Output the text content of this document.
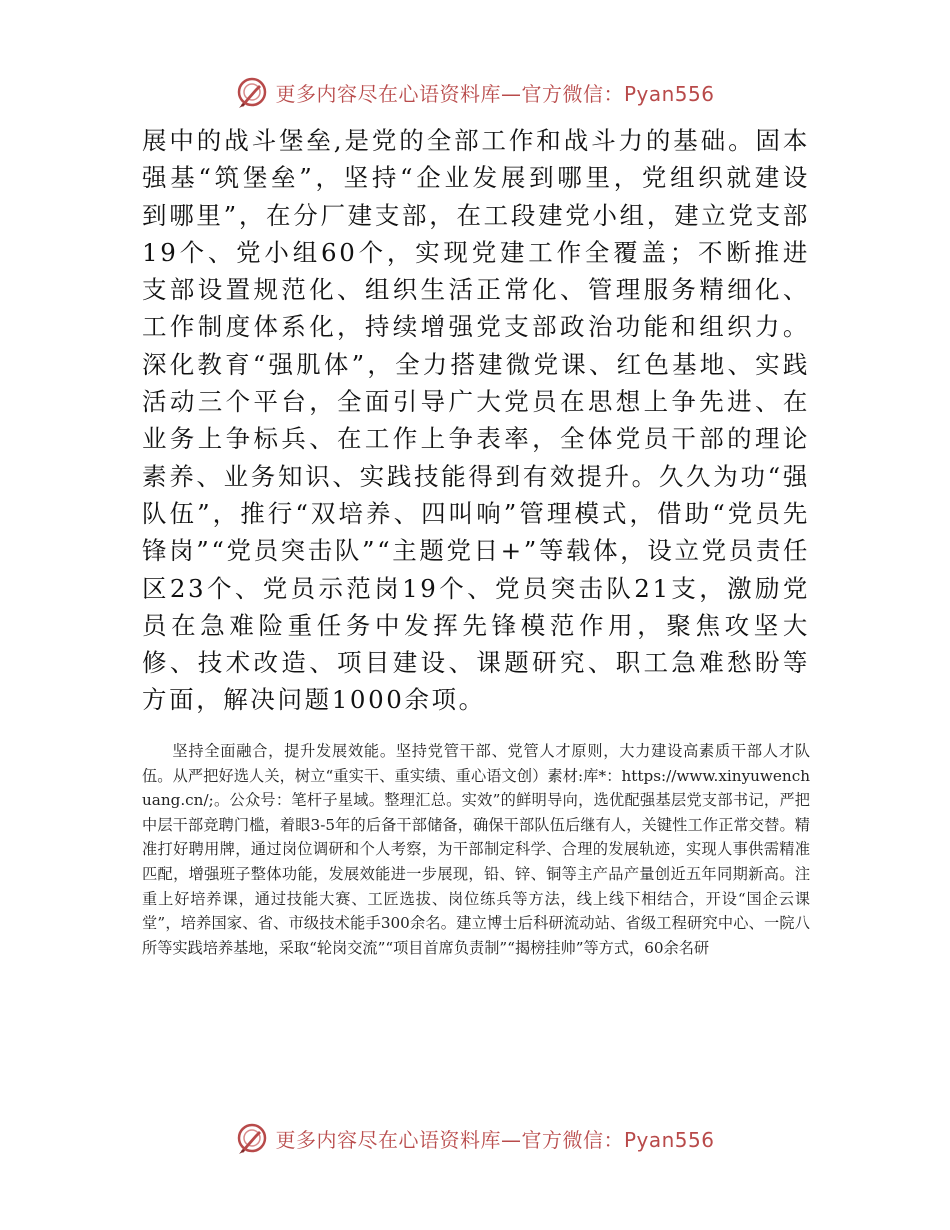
更多内容尽在心语资料库—官方微信：Pyan556

展中的战斗堡垒,是党的全部工作和战斗力的基础。固本强基“筑堡垒”，坚持“企业发展到哪里，党组织就建设到哪里”，在分厂建支部，在工段建党小组，建立党支部19个、党小组60个，实现党建工作全覆盖；不断推进支部设置规范化、组织生活正常化、管理服务精细化、工作制度体系化，持续增强党支部政治功能和组织力。深化教育“强肌体”，全力搭建微党课、红色基地、实践活动三个平台，全面引导广大党员在思想上争先进、在业务上争标兵、在工作上争表率，全体党员干部的理论素养、业务知识、实践技能得到有效提升。久久为功“强队伍”，推行“双培养、四叫响”管理模式，借助“党员先锋岗”“党员突击队”“主题党日+”等载体，设立党员责任区23个、党员示范岗19个、党员突击队21支，激励党员在急难险重任务中发挥先锋模范作用，聚焦攻坚大修、技术改造、项目建设、课题研究、职工急难愁盼等方面，解决问题1000余项。

坚持全面融合，提升发展效能。坚持党管干部、党管人才原则，大力建设高素质干部人才队伍。从严把好选人关，树立“重实干、重实绩、重心语文创）素材:库*：https://www.xinyuwenchuang.cn/;。公众号：笔杆子星域。整理汇总。实效”的鲜明导向，选优配强基层党支部书记，严把中层干部竞聘门槛，着眼3-5年的后备干部储备，确保干部队伍后继有人，关键性工作正常交替。精准打好聘用牌，通过岗位调研和个人考察，为干部制定科学、合理的发展轨迹，实现人事供需精准匹配，增强班子整体功能，发展效能进一步展现，铅、锌、铜等主产品产量创近五年同期新高。注重上好培养课，通过技能大赛、工匠选拔、岗位练兵等方法，线上线下相结合，开设“国企云课堂”，培养国家、省、市级技术能手300余名。建立博士后科研流动站、省级工程研究中心、一院八所等实践培养基地，采取“轮岗交流”“项目首席负责制”“揭榜挂帅”等方式，60余名研

更多内容尽在心语资料库—官方微信：Pyan556
